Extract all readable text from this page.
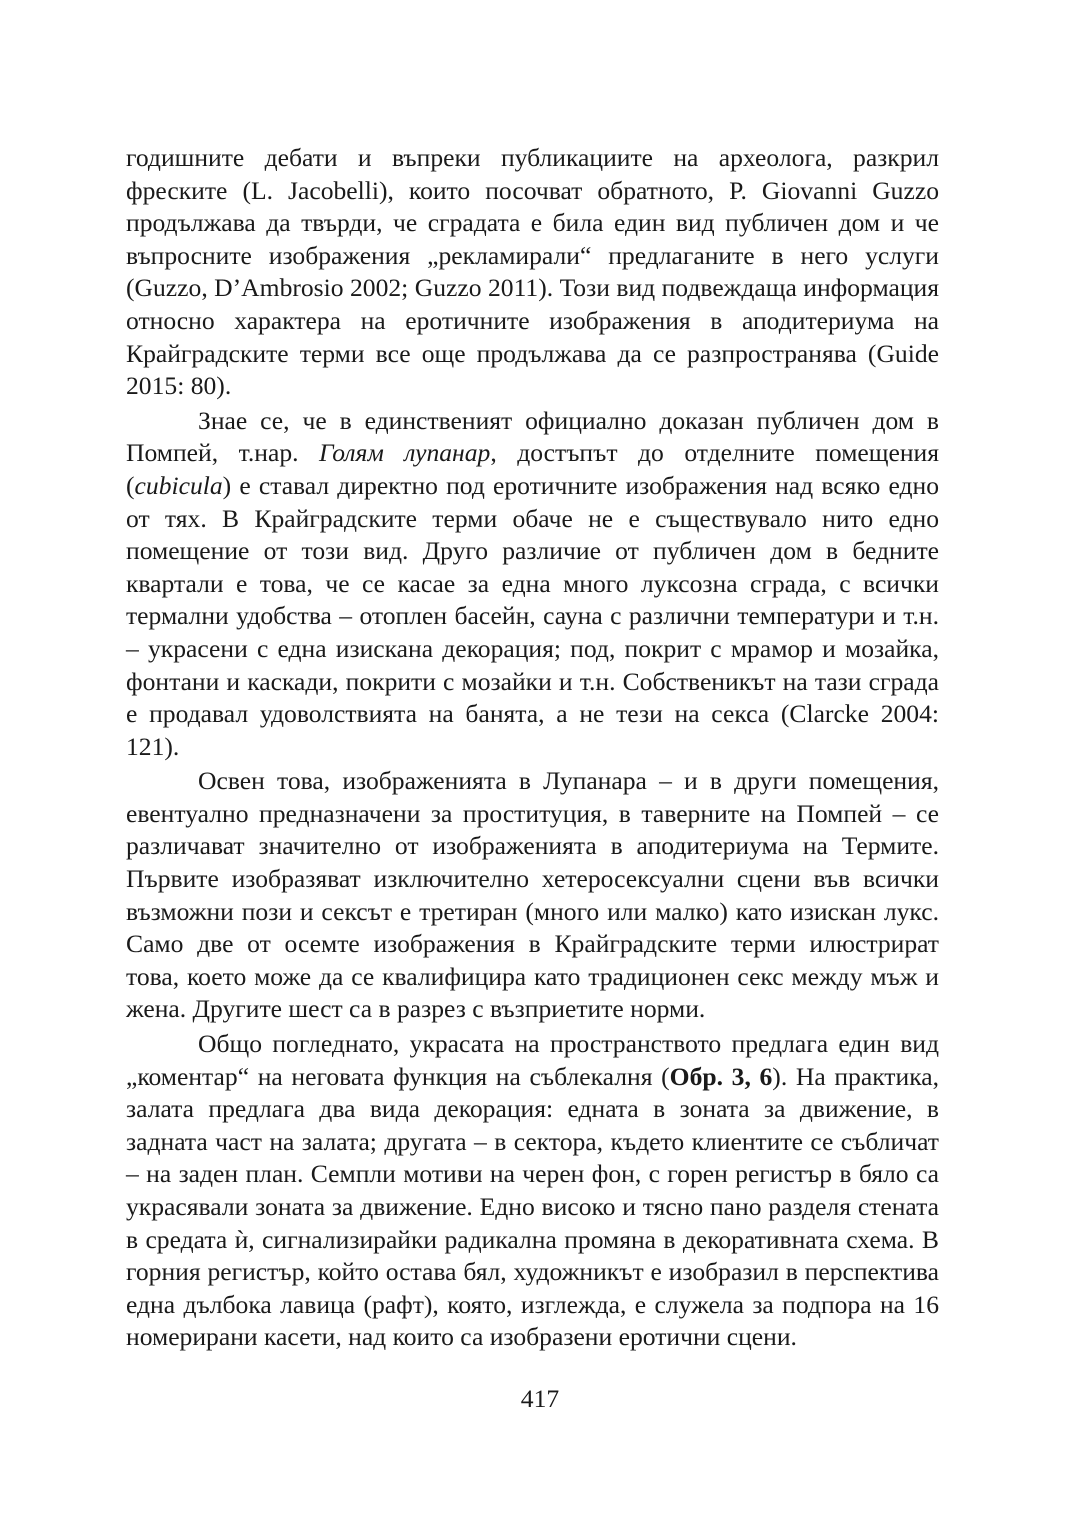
годишните дебати и въпреки публикациите на археолога, разкрил фреските (L. Jacobelli), които посочват обратното, P. Giovanni Guzzo продължава да твърди, че сградата е била един вид публичен дом и че въпросните изображения „рекламирали“ предлаганите в него услуги (Guzzo, D’Ambrosio 2002; Guzzo 2011). Този вид подвеждаща информация относно характера на еротичните изображения в аподитериума на Крайградските терми все още продължава да се разпространява (Guide 2015: 80).

Знае се, че в единственият официално доказан публичен дом в Помпей, т.нар. Голям лупанар, достъпът до отделните помещения (cubicula) е ставал директно под еротичните изображения над всяко едно от тях. В Крайградските терми обаче не е съществувало нито едно помещение от този вид. Друго различие от публичен дом в бедните квартали е това, че се касае за една много луксозна сграда, с всички термални удобства – отоплен басейн, сауна с различни температури и т.н. – украсени с една изискана декорация; под, покрит с мрамор и мозайка, фонтани и каскади, покрити с мозайки и т.н. Собственикът на тази сграда е продавал удоволствията на банята, а не тези на секса (Clarcke 2004: 121).

Освен това, изображенията в Лупанара – и в други помещения, евентуално предназначени за проституция, в таверните на Помпей – се различават значително от изображенията в аподитериума на Термите. Първите изобразяват изключително хетеросексуални сцени във всички възможни пози и сексът е третиран (много или малко) като изискан лукс. Само две от осемте изображения в Крайградските терми илюстрират това, което може да се квалифицира като традиционен секс между мъж и жена. Другите шест са в разрез с възприетите норми.

Общо погледнато, украсата на пространството предлага един вид „коментар“ на неговата функция на съблекалня (Обр. 3, 6). На практика, залата предлага два вида декорация: едната в зоната за движение, в задната част на залата; другата – в сектора, където клиентите се събличат – на заден план. Семпли мотиви на черен фон, с горен регистър в бяло са украсявали зоната за движение. Едно високо и тясно пано разделя стената в средата ѝ, сигнализирайки радикална промяна в декоративната схема. В горния регистър, който остава бял, художникът е изобразил в перспектива една дълбока лавица (рафт), която, изглежда, е служела за подпора на 16 номерирани касети, над които са изобразени еротични сцени.

417
